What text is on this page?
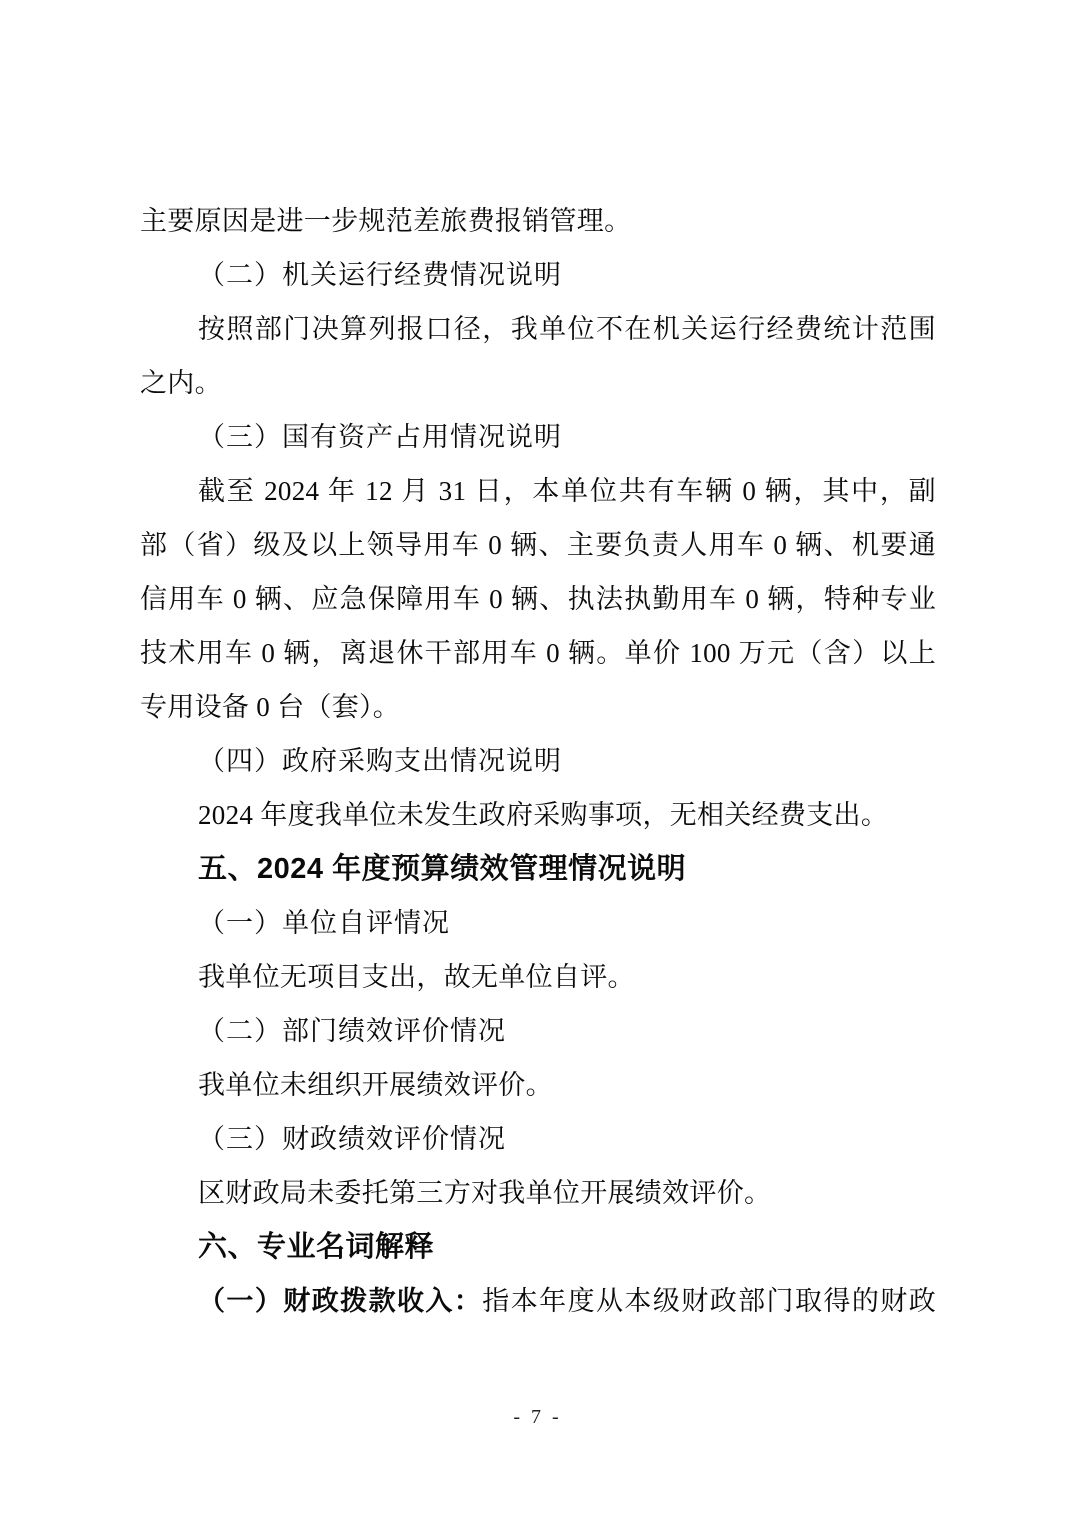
主要原因是进一步规范差旅费报销管理。
（二）机关运行经费情况说明
按照部门决算列报口径，我单位不在机关运行经费统计范围
之内。
（三）国有资产占用情况说明
截至 2024 年 12 月 31 日，本单位共有车辆 0 辆，其中，副
部（省）级及以上领导用车 0 辆、主要负责人用车 0 辆、机要通
信用车 0 辆、应急保障用车 0 辆、执法执勤用车 0 辆，特种专业
技术用车 0 辆，离退休干部用车 0 辆。单价 100 万元（含）以上
专用设备 0 台（套）。
（四）政府采购支出情况说明
2024 年度我单位未发生政府采购事项，无相关经费支出。
五、2024 年度预算绩效管理情况说明
（一）单位自评情况
我单位无项目支出，故无单位自评。
（二）部门绩效评价情况
我单位未组织开展绩效评价。
（三）财政绩效评价情况
区财政局未委托第三方对我单位开展绩效评价。
六、专业名词解释
（一）财政拨款收入：指本年度从本级财政部门取得的财政
- 7 -
